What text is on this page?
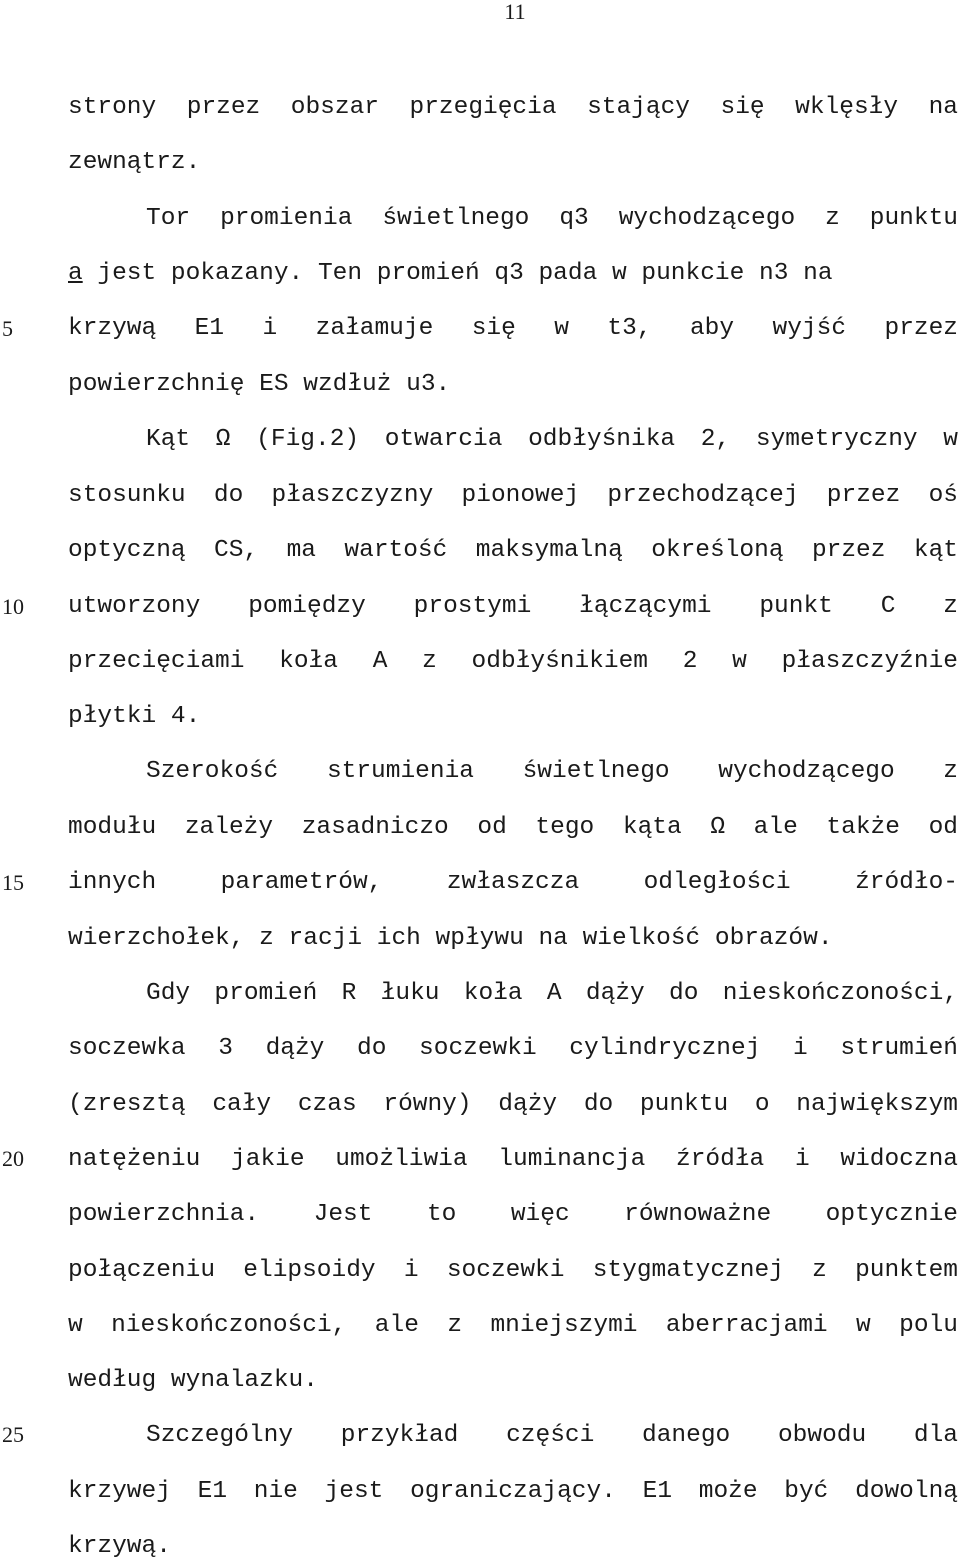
11
5
10
15
20
25
strony przez obszar przegięcia stający się wklęsły na
zewnątrz.
Tor promienia świetlnego q3 wychodzącego z punktu
a jest pokazany. Ten promień q3 pada w punkcie n3 na
krzywą E1 i załamuje się w t3, aby wyjść przez
powierzchnię ES wzdłuż u3.
Kąt Ω (Fig.2) otwarcia odbłyśnika 2, symetryczny w
stosunku do płaszczyzny pionowej przechodzącej przez oś
optyczną CS, ma wartość maksymalną określoną przez kąt
utworzony pomiędzy prostymi łączącymi punkt C z
przecięciami koła A z odbłyśnikiem 2 w płaszczyźnie
płytki 4.
Szerokość strumienia świetlnego wychodzącego z
modułu zależy zasadniczo od tego kąta Ω ale także od
innych parametrów, zwłaszcza odległości źródło-
wierzchołek, z racji ich wpływu na wielkość obrazów.
Gdy promień R łuku koła A dąży do nieskończoności,
soczewka 3 dąży do soczewki cylindrycznej i strumień
(zresztą cały czas równy) dąży do punktu o największym
natężeniu jakie umożliwia luminancja źródła i widoczna
powierzchnia. Jest to więc równoważne optycznie
połączeniu elipsoidy i soczewki stygmatycznej z punktem
w nieskończoności, ale z mniejszymi aberracjami w polu
według wynalazku.
Szczególny przykład części danego obwodu dla
krzywej E1 nie jest ograniczający. E1 może być dowolną
krzywą.
